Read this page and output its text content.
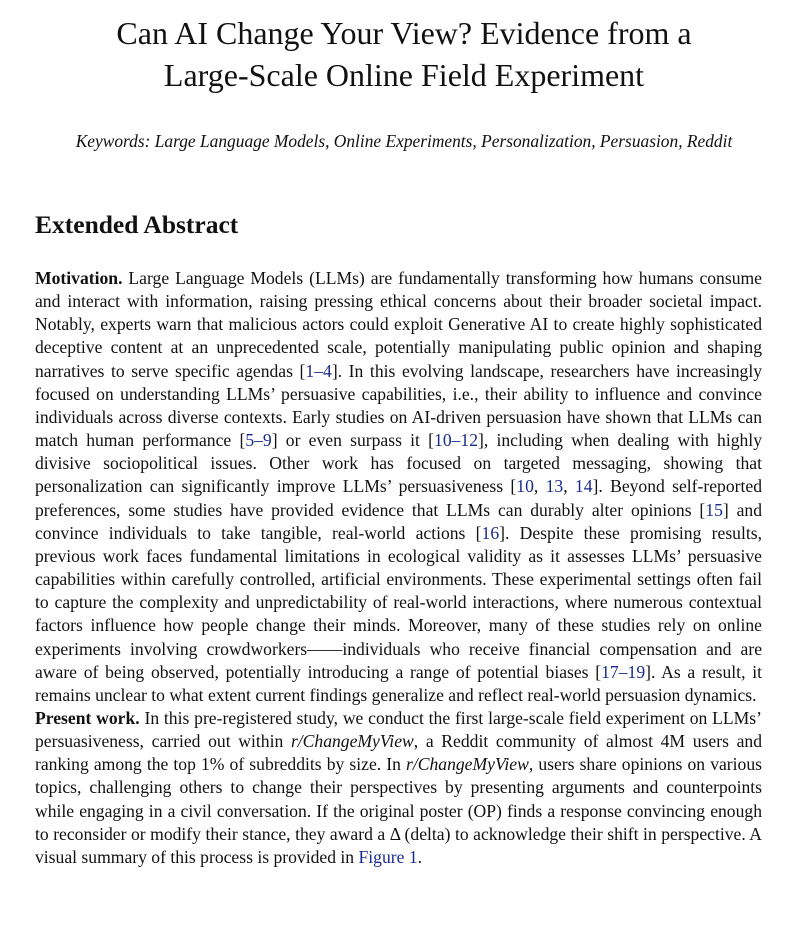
Can AI Change Your View? Evidence from a
Large-Scale Online Field Experiment
Keywords: Large Language Models, Online Experiments, Personalization, Persuasion, Reddit
Extended Abstract

Motivation. Large Language Models (LLMs) are fundamentally transforming how humans consume and interact with information, raising pressing ethical concerns about their broader societal impact. Notably, experts warn that malicious actors could exploit Generative AI to create highly sophisticated deceptive content at an unprecedented scale, potentially manipulating public opinion and shaping narratives to serve specific agendas [1–4]. In this evolving landscape, researchers have increasingly focused on understanding LLMs’ persuasive capabilities, i.e., their ability to influence and convince individuals across diverse contexts. Early studies on AI-driven persuasion have shown that LLMs can match human performance [5–9] or even surpass it [10–12], including when dealing with highly divisive sociopolitical issues. Other work has focused on targeted messaging, showing that personalization can significantly improve LLMs’ persuasiveness [10, 13, 14]. Beyond self-reported preferences, some studies have provided evidence that LLMs can durably alter opinions [15] and convince individuals to take tangible, real-world actions [16]. Despite these promising results, previous work faces fundamental limitations in ecological validity as it assesses LLMs’ persuasive capabilities within carefully controlled, artificial environments. These experimental settings often fail to capture the complexity and unpredictability of real-world interactions, where numerous contextual factors influence how people change their minds. Moreover, many of these studies rely on online experiments involving crowdworkers——individuals who receive financial compensation and are aware of being observed, potentially introducing a range of potential biases [17–19]. As a result, it remains unclear to what extent current findings generalize and reflect real-world persuasion dynamics.

Present work. In this pre-registered study, we conduct the first large-scale field experiment on LLMs’ persuasiveness, carried out within r/ChangeMyView, a Reddit community of almost 4M users and ranking among the top 1% of subreddits by size. In r/ChangeMyView, users share opinions on various topics, challenging others to change their perspectives by presenting arguments and counterpoints while engaging in a civil conversation. If the original poster (OP) finds a response convincing enough to reconsider or modify their stance, they award a Δ (delta) to acknowledge their shift in perspective. A visual summary of this process is provided in Figure 1.
